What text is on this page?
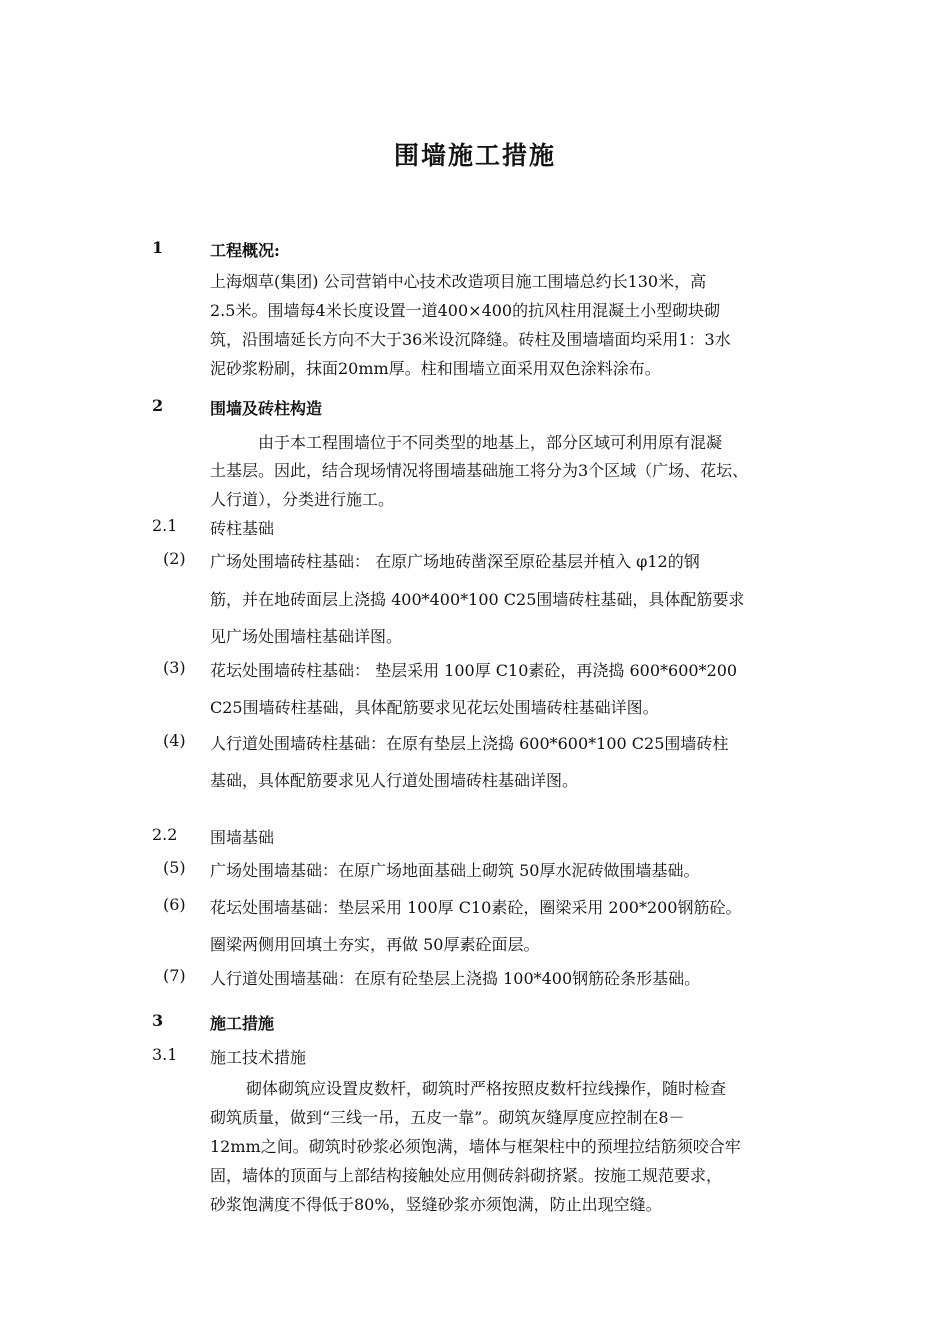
围墙施工措施
1	工程概况:
上海烟草(集团) 公司营销中心技术改造项目施工围墙总约长130米，高
2.5米。围墙每4米长度设置一道400×400的抗风柱用混凝土小型砌块砌
筑，沿围墙延长方向不大于36米设沉降缝。砖柱及围墙墙面均采用1：3水
泥砂浆粉刷，抹面20mm厚。柱和围墙立面采用双色涂料涂布。
2	围墙及砖柱构造
由于本工程围墙位于不同类型的地基上，部分区域可利用原有混凝
土基层。因此，结合现场情况将围墙基础施工将分为3个区域（广场、花坛、
人行道），分类进行施工。
2.1 砖柱基础
(2) 广场处围墙砖柱基础： 在原广场地砖凿深至原砼基层并植入 φ12的钢
筋，并在地砖面层上浇捣 400*400*100 C25围墙砖柱基础，具体配筋要求
见广场处围墙柱基础详图。
(3) 花坛处围墙砖柱基础： 垫层采用 100厚 C10素砼，再浇捣 600*600*200
C25围墙砖柱基础，具体配筋要求见花坛处围墙砖柱基础详图。
(4) 人行道处围墙砖柱基础：在原有垫层上浇捣 600*600*100 C25围墙砖柱
基础，具体配筋要求见人行道处围墙砖柱基础详图。
2.2 围墙基础
(5) 广场处围墙基础：在原广场地面基础上砌筑 50厚水泥砖做围墙基础。
(6) 花坛处围墙基础：垫层采用 100厚 C10素砼，圈梁采用 200*200钢筋砼。
圈梁两侧用回填土夯实，再做 50厚素砼面层。
(7) 人行道处围墙基础：在原有砼垫层上浇捣 100*400钢筋砼条形基础。
3	施工措施
3.1 施工技术措施
砌体砌筑应设置皮数杆，砌筑时严格按照皮数杆拉线操作，随时检查
砌筑质量，做到“三线一吊，五皮一靠”。砌筑灰缝厚度应控制在8－
12mm之间。砌筑时砂浆必须饱满，墙体与框架柱中的预埋拉结筋须咬合牢
固，墙体的顶面与上部结构接触处应用侧砖斜砌挤紧。按施工规范要求，
砂浆饱满度不得低于80%，竖缝砂浆亦须饱满，防止出现空缝。
